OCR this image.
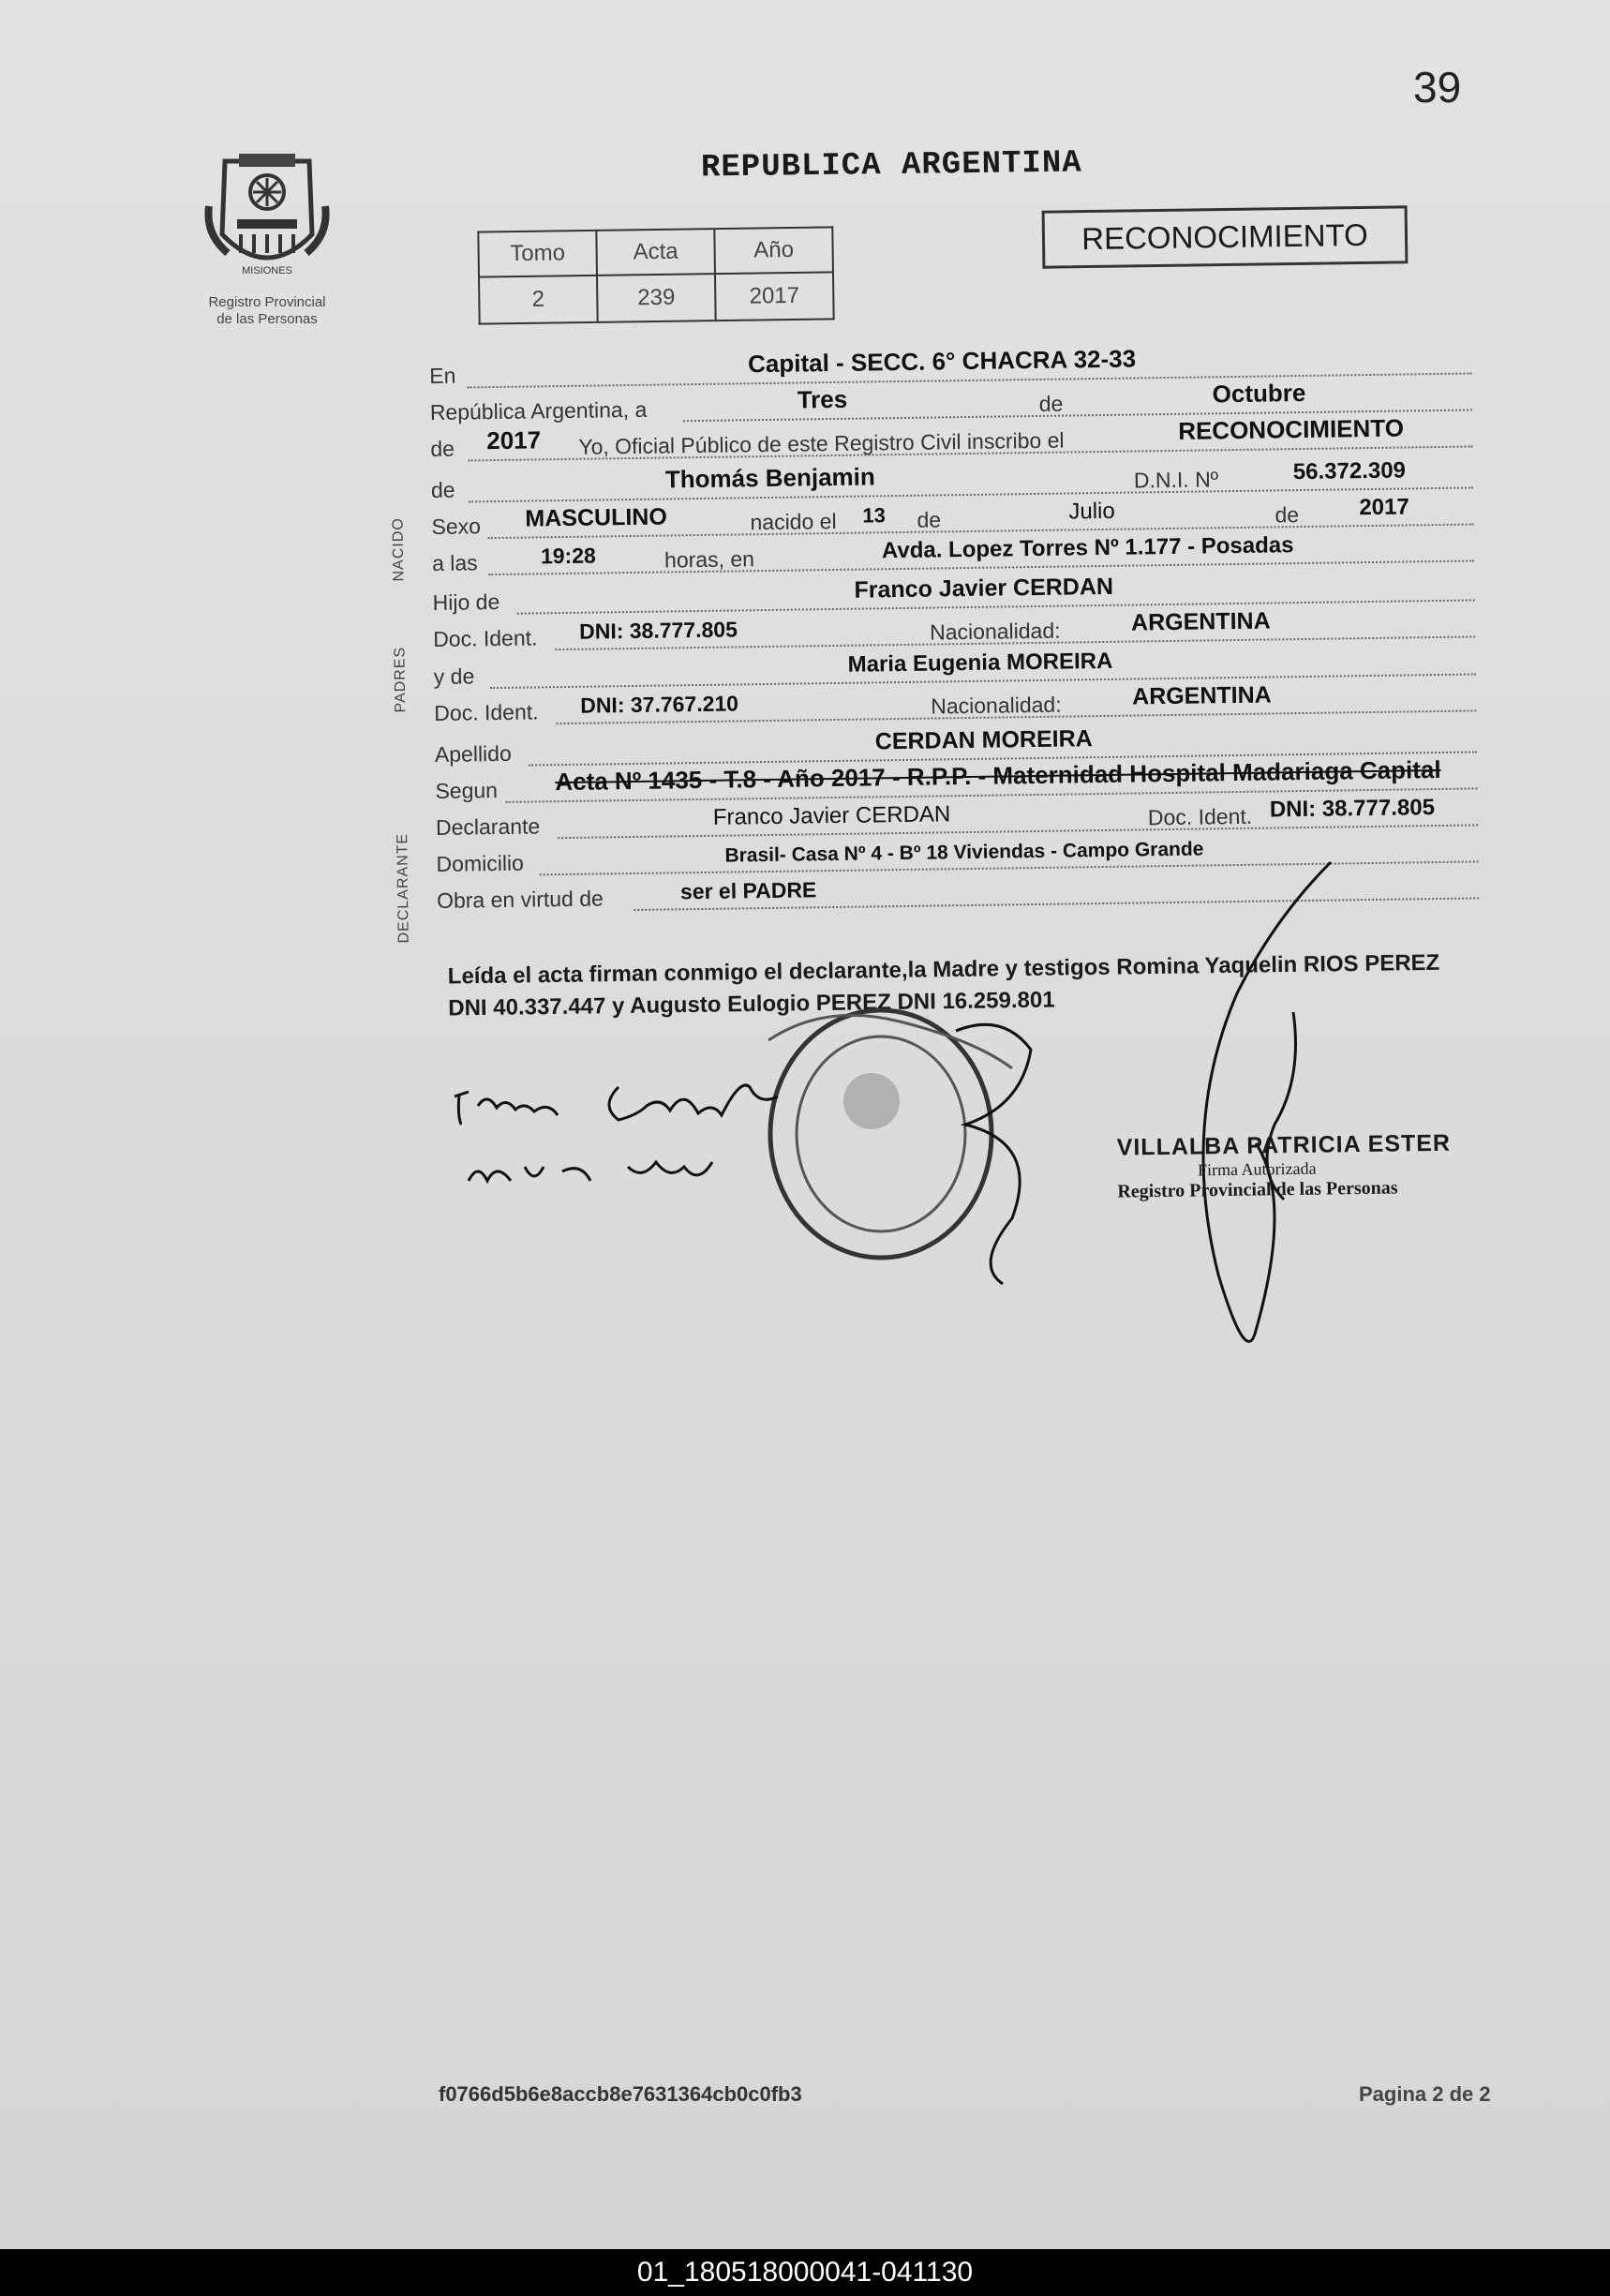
39
MISIONES
Registro Provincial
de las Personas
REPUBLICA ARGENTINA
Tomo	Acta	Año
2	239	2017
RECONOCIMIENTO
NACIDO
PADRES
DECLARANTE
En	Capital - SECC. 6° CHACRA 32-33
República Argentina, a	Tres	de	Octubre
de 2017 Yo, Oficial Público de este Registro Civil inscribo el	RECONOCIMIENTO
de	Thomás Benjamin	D.N.I. Nº	56.372.309
Sexo MASCULINO	nacido el 13 de	Julio	de	2017
a las	19:28	horas, en	Avda. Lopez Torres Nº 1.177 - Posadas
Hijo de	Franco Javier CERDAN
Doc. Ident. DNI: 38.777.805	Nacionalidad:	ARGENTINA
y de	Maria Eugenia MOREIRA
Doc. Ident. DNI: 37.767.210	Nacionalidad:	ARGENTINA
Apellido	CERDAN MOREIRA
Segun Acta Nº 1435 - T.8 - Año 2017 - R.P.P. - Maternidad Hospital Madariaga Capital
Declarante	Franco Javier CERDAN	Doc. Ident. DNI: 38.777.805
Domicilio	Brasil- Casa Nº 4 - Bº 18 Viviendas - Campo Grande
Obra en virtud de	ser el PADRE
Leída el acta firman conmigo el declarante,la Madre y testigos Romina Yaquelin RIOS PEREZ DNI 40.337.447 y Augusto Eulogio PEREZ DNI 16.259.801
VILLALBA PATRICIA ESTER
Firma Autorizada
Registro Provincial de las Personas
f0766d5b6e8accb8e7631364cb0c0fb3	Pagina 2 de 2
01_180518000041-041130
